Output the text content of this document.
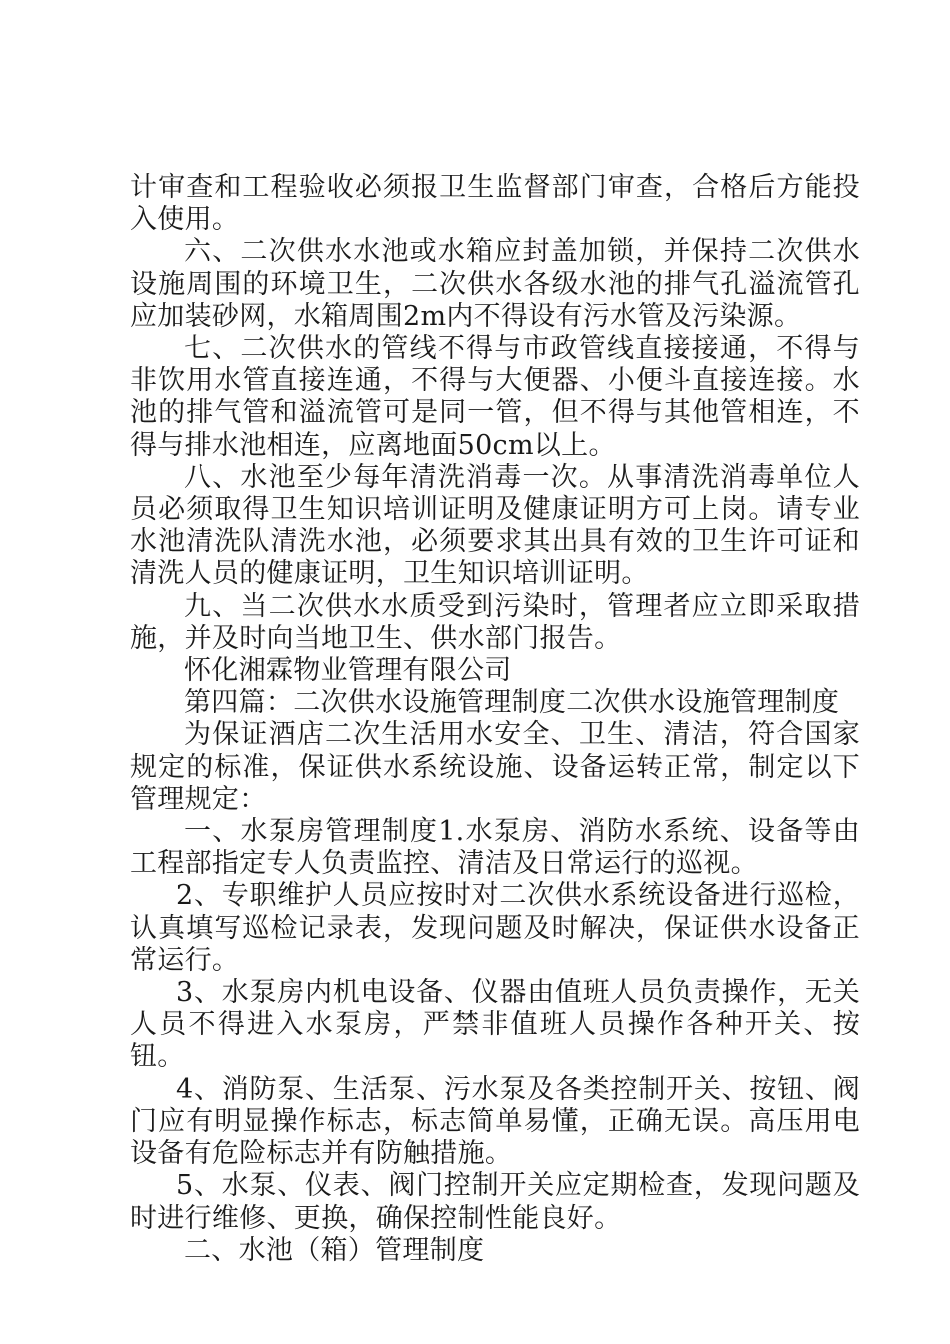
计审查和工程验收必须报卫生监督部门审查，合格后方能投入使用。

六、二次供水水池或水箱应封盖加锁，并保持二次供水设施周围的环境卫生，二次供水各级水池的排气孔溢流管孔应加装砂网，水箱周围2m内不得设有污水管及污染源。

七、二次供水的管线不得与市政管线直接接通，不得与非饮用水管直接连通，不得与大便器、小便斗直接连接。水池的排气管和溢流管可是同一管，但不得与其他管相连，不得与排水池相连，应离地面50cm以上。

八、水池至少每年清洗消毒一次。从事清洗消毒单位人员必须取得卫生知识培训证明及健康证明方可上岗。请专业水池清洗队清洗水池，必须要求其出具有效的卫生许可证和清洗人员的健康证明，卫生知识培训证明。

九、当二次供水水质受到污染时，管理者应立即采取措施，并及时向当地卫生、供水部门报告。

怀化湘霖物业管理有限公司

第四篇：二次供水设施管理制度二次供水设施管理制度

为保证酒店二次生活用水安全、卫生、清洁，符合国家规定的标准，保证供水系统设施、设备运转正常，制定以下管理规定：

一、水泵房管理制度1.水泵房、消防水系统、设备等由工程部指定专人负责监控、清洁及日常运行的巡视。

2、专职维护人员应按时对二次供水系统设备进行巡检，认真填写巡检记录表，发现问题及时解决，保证供水设备正常运行。

3、水泵房内机电设备、仪器由值班人员负责操作，无关人员不得进入水泵房，严禁非值班人员操作各种开关、按钮。

4、消防泵、生活泵、污水泵及各类控制开关、按钮、阀门应有明显操作标志，标志简单易懂，正确无误。高压用电设备有危险标志并有防触措施。

5、水泵、仪表、阀门控制开关应定期检查，发现问题及时进行维修、更换，确保控制性能良好。

二、水池（箱）管理制度
